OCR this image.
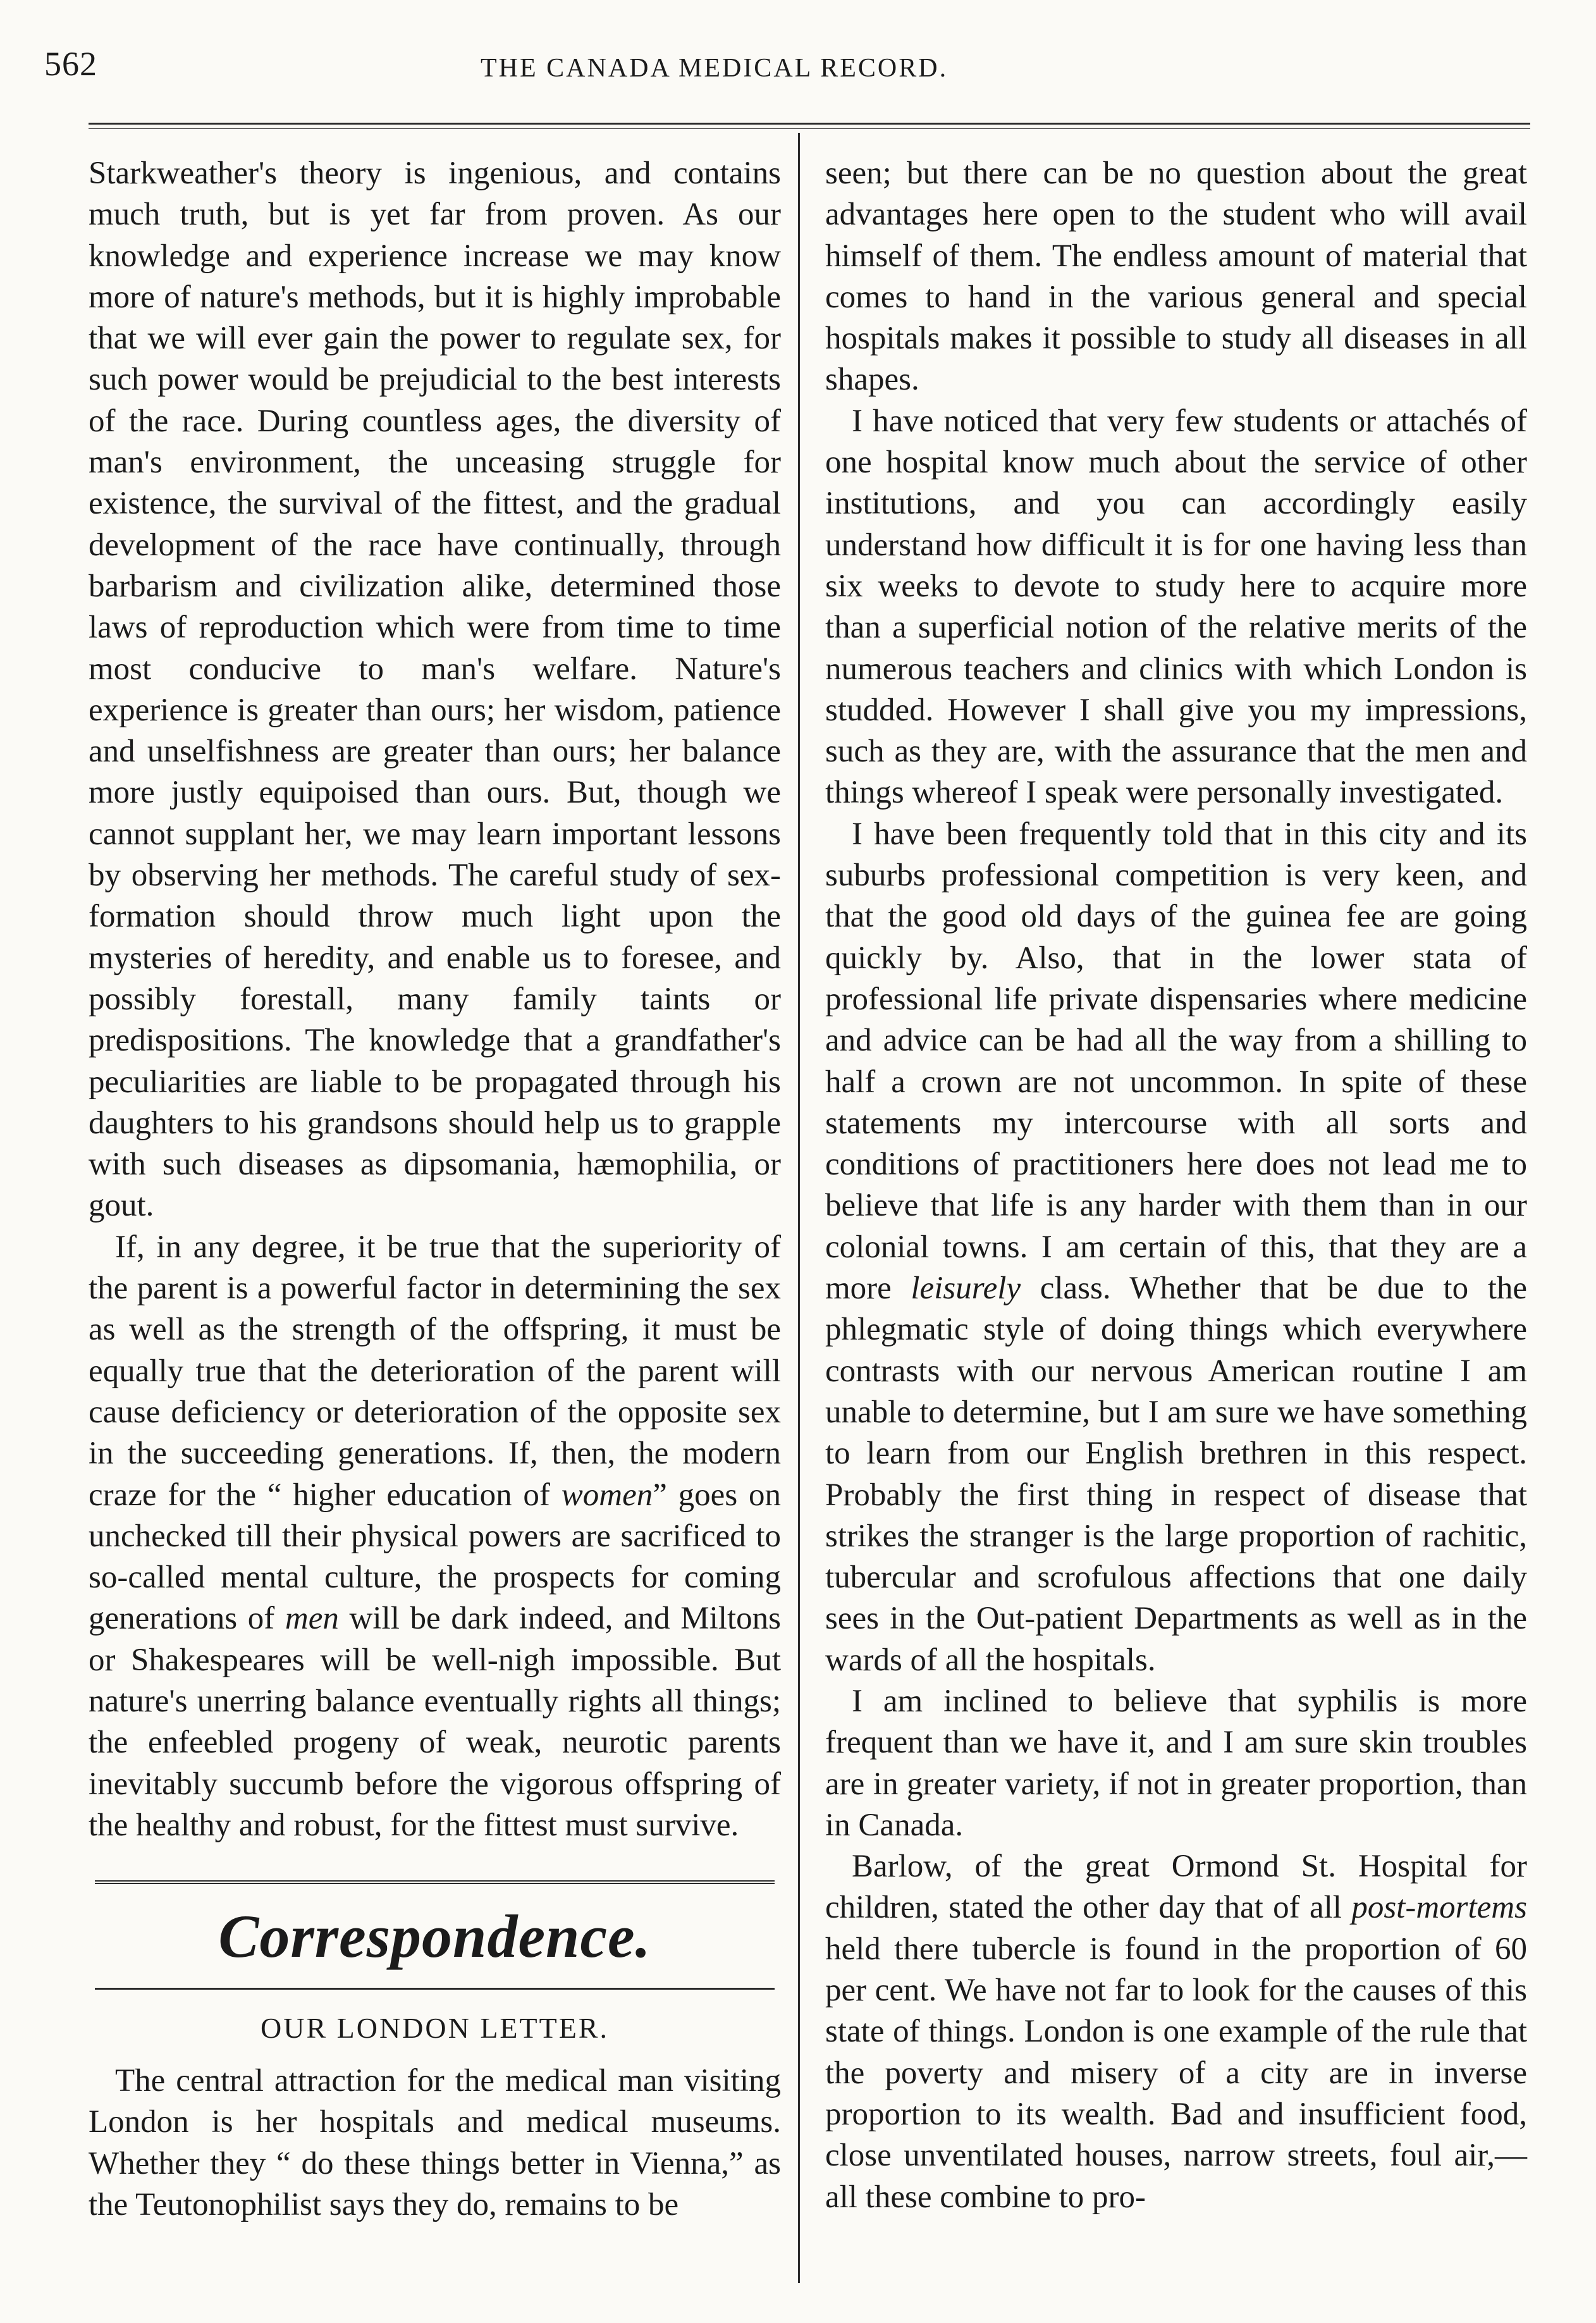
562	THE CANADA MEDICAL RECORD.

Starkweather's theory is ingenious, and contains much truth, but is yet far from proven. As our knowledge and experience increase we may know more of nature's methods, but it is highly improbable that we will ever gain the power to regulate sex, for such power would be prejudicial to the best interests of the race. During countless ages, the diversity of man's environment, the unceasing struggle for existence, the survival of the fittest, and the gradual development of the race have continually, through barbarism and civilization alike, determined those laws of reproduction which were from time to time most conducive to man's welfare. Nature's experience is greater than ours; her wisdom, patience and unselfishness are greater than ours; her balance more justly equipoised than ours. But, though we cannot supplant her, we may learn important lessons by observing her methods. The careful study of sex-formation should throw much light upon the mysteries of heredity, and enable us to foresee, and possibly forestall, many family taints or predispositions. The knowledge that a grandfather's peculiarities are liable to be propagated through his daughters to his grandsons should help us to grapple with such diseases as dipsomania, hæmophilia, or gout.

If, in any degree, it be true that the superiority of the parent is a powerful factor in determining the sex as well as the strength of the offspring, it must be equally true that the deterioration of the parent will cause deficiency or deterioration of the opposite sex in the succeeding generations. If, then, the modern craze for the “ higher education of women” goes on unchecked till their physical powers are sacrificed to so-called mental culture, the prospects for coming generations of men will be dark indeed, and Miltons or Shakespeares will be well-nigh impossible. But nature's unerring balance eventually rights all things; the enfeebled progeny of weak, neurotic parents inevitably succumb before the vigorous offspring of the healthy and robust, for the fittest must survive.

Correspondence.
OUR LONDON LETTER.

The central attraction for the medical man visiting London is her hospitals and medical museums. Whether they “ do these things better in Vienna,” as the Teutonophilist says they do, remains to be

seen; but there can be no question about the great advantages here open to the student who will avail himself of them. The endless amount of material that comes to hand in the various general and special hospitals makes it possible to study all diseases in all shapes.

I have noticed that very few students or attachés of one hospital know much about the service of other institutions, and you can accordingly easily understand how difficult it is for one having less than six weeks to devote to study here to acquire more than a superficial notion of the relative merits of the numerous teachers and clinics with which London is studded. However I shall give you my impressions, such as they are, with the assurance that the men and things whereof I speak were personally investigated.

I have been frequently told that in this city and its suburbs professional competition is very keen, and that the good old days of the guinea fee are going quickly by. Also, that in the lower stata of professional life private dispensaries where medicine and advice can be had all the way from a shilling to half a crown are not uncommon. In spite of these statements my intercourse with all sorts and conditions of practitioners here does not lead me to believe that life is any harder with them than in our colonial towns. I am certain of this, that they are a more leisurely class. Whether that be due to the phlegmatic style of doing things which everywhere contrasts with our nervous American routine I am unable to determine, but I am sure we have something to learn from our English brethren in this respect. Probably the first thing in respect of disease that strikes the stranger is the large proportion of rachitic, tubercular and scrofulous affections that one daily sees in the Out-patient Departments as well as in the wards of all the hospitals.

I am inclined to believe that syphilis is more frequent than we have it, and I am sure skin troubles are in greater variety, if not in greater proportion, than in Canada.

Barlow, of the great Ormond St. Hospital for children, stated the other day that of all post-mortems held there tubercle is found in the proportion of 60 per cent. We have not far to look for the causes of this state of things. London is one example of the rule that the poverty and misery of a city are in inverse proportion to its wealth. Bad and insufficient food, close unventilated houses, narrow streets, foul air,—all these combine to pro-
